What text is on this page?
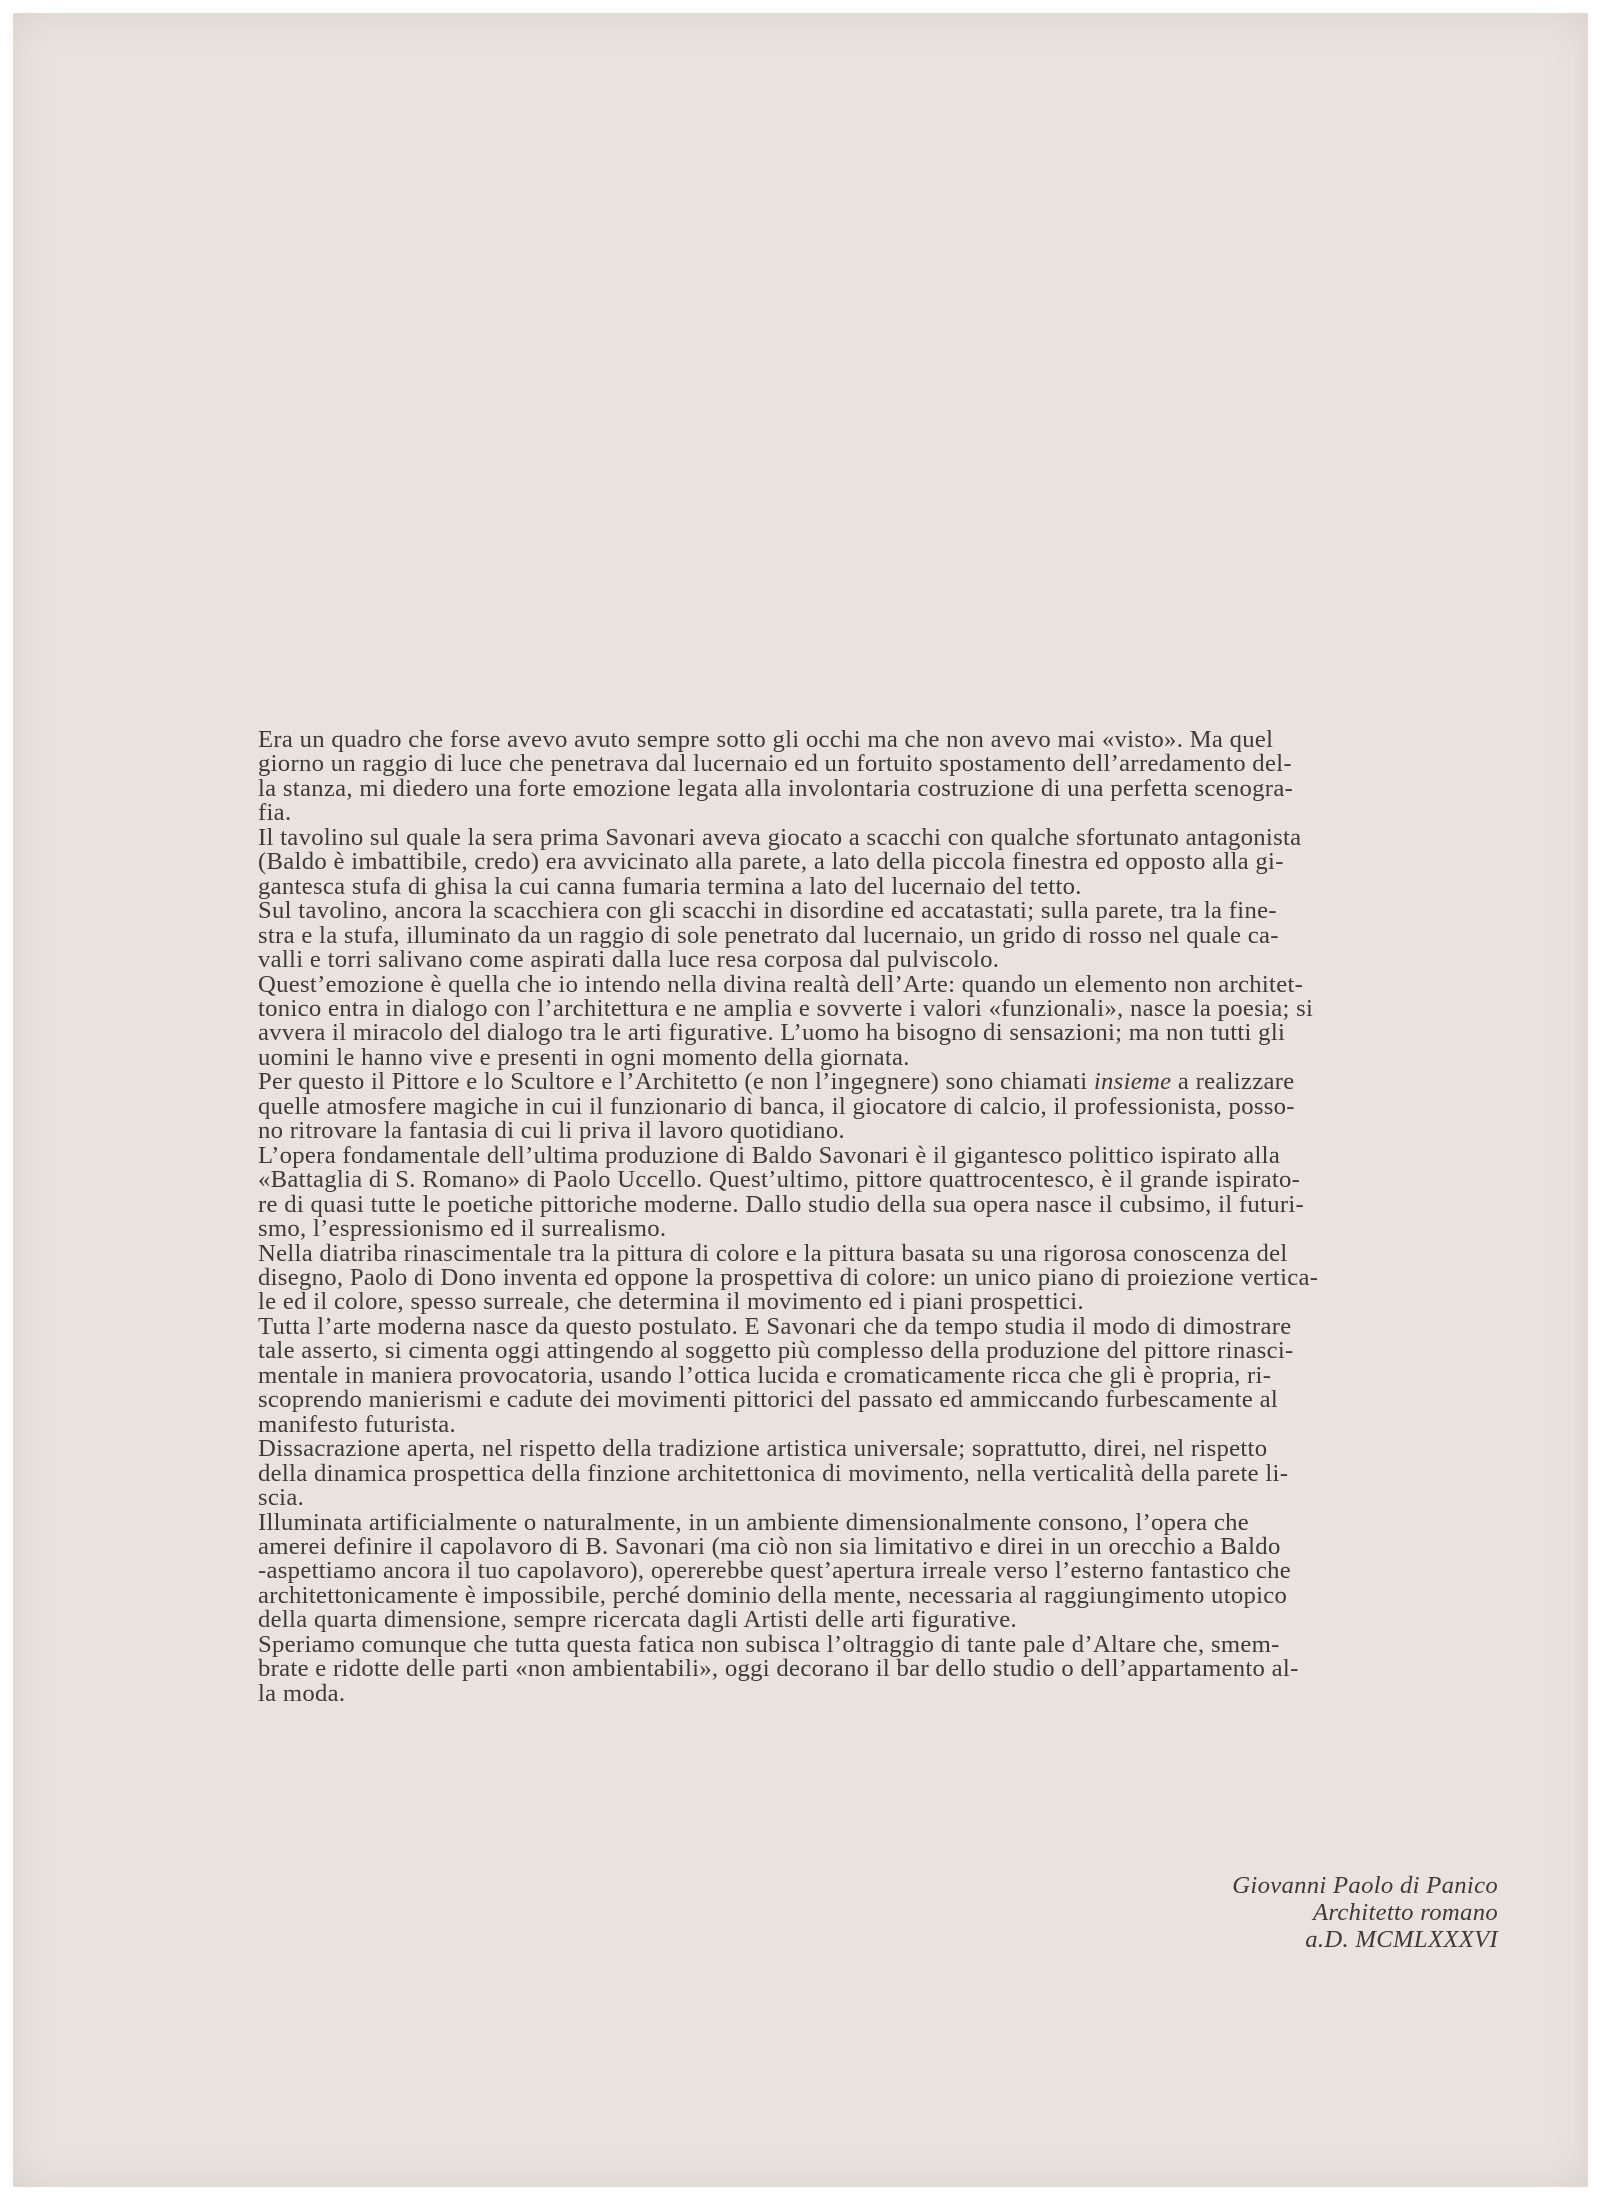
Era un quadro che forse avevo avuto sempre sotto gli occhi ma che non avevo mai «visto». Ma quel
giorno un raggio di luce che penetrava dal lucernaio ed un fortuito spostamento dell’arredamento del-
la stanza, mi diedero una forte emozione legata alla involontaria costruzione di una perfetta scenogra-
fia.
Il tavolino sul quale la sera prima Savonari aveva giocato a scacchi con qualche sfortunato antagonista
(Baldo è imbattibile, credo) era avvicinato alla parete, a lato della piccola finestra ed opposto alla gi-
gantesca stufa di ghisa la cui canna fumaria termina a lato del lucernaio del tetto.
Sul tavolino, ancora la scacchiera con gli scacchi in disordine ed accatastati; sulla parete, tra la fine-
stra e la stufa, illuminato da un raggio di sole penetrato dal lucernaio, un grido di rosso nel quale ca-
valli e torri salivano come aspirati dalla luce resa corposa dal pulviscolo.
Quest’emozione è quella che io intendo nella divina realtà dell’Arte: quando un elemento non architet-
tonico entra in dialogo con l’architettura e ne amplia e sovverte i valori «funzionali», nasce la poesia; si
avvera il miracolo del dialogo tra le arti figurative. L’uomo ha bisogno di sensazioni; ma non tutti gli
uomini le hanno vive e presenti in ogni momento della giornata.
Per questo il Pittore e lo Scultore e l’Architetto (e non l’ingegnere) sono chiamati insieme a realizzare
quelle atmosfere magiche in cui il funzionario di banca, il giocatore di calcio, il professionista, posso-
no ritrovare la fantasia di cui li priva il lavoro quotidiano.
L’opera fondamentale dell’ultima produzione di Baldo Savonari è il gigantesco polittico ispirato alla
«Battaglia di S. Romano» di Paolo Uccello. Quest’ultimo, pittore quattrocentesco, è il grande ispirato-
re di quasi tutte le poetiche pittoriche moderne. Dallo studio della sua opera nasce il cubsimo, il futuri-
smo, l’espressionismo ed il surrealismo.
Nella diatriba rinascimentale tra la pittura di colore e la pittura basata su una rigorosa conoscenza del
disegno, Paolo di Dono inventa ed oppone la prospettiva di colore: un unico piano di proiezione vertica-
le ed il colore, spesso surreale, che determina il movimento ed i piani prospettici.
Tutta l’arte moderna nasce da questo postulato. E Savonari che da tempo studia il modo di dimostrare
tale asserto, si cimenta oggi attingendo al soggetto più complesso della produzione del pittore rinasci-
mentale in maniera provocatoria, usando l’ottica lucida e cromaticamente ricca che gli è propria, ri-
scoprendo manierismi e cadute dei movimenti pittorici del passato ed ammiccando furbescamente al
manifesto futurista.
Dissacrazione aperta, nel rispetto della tradizione artistica universale; soprattutto, direi, nel rispetto
della dinamica prospettica della finzione architettonica di movimento, nella verticalità della parete li-
scia.
Illuminata artificialmente o naturalmente, in un ambiente dimensionalmente consono, l’opera che
amerei definire il capolavoro di B. Savonari (ma ciò non sia limitativo e direi in un orecchio a Baldo
-aspettiamo ancora il tuo capolavoro), opererebbe quest’apertura irreale verso l’esterno fantastico che
architettonicamente è impossibile, perché dominio della mente, necessaria al raggiungimento utopico
della quarta dimensione, sempre ricercata dagli Artisti delle arti figurative.
Speriamo comunque che tutta questa fatica non subisca l’oltraggio di tante pale d’Altare che, smem-
brate e ridotte delle parti «non ambientabili», oggi decorano il bar dello studio o dell’appartamento al-
la moda.
Giovanni Paolo di Panico
Architetto romano
a.D. MCMLXXXVI
